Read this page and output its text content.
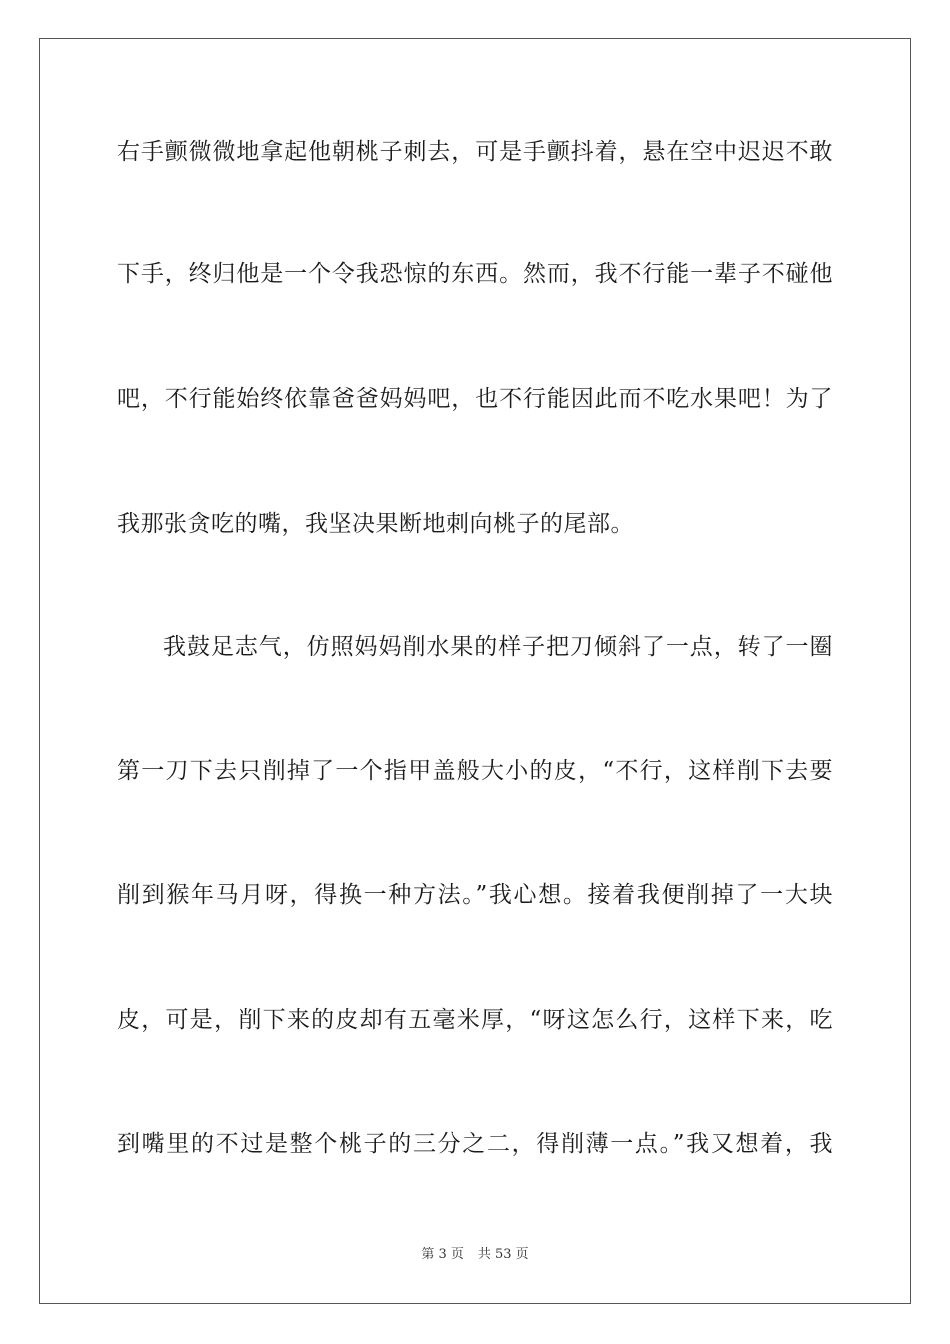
右手颤微微地拿起他朝桃子刺去，可是手颤抖着，悬在空中迟迟不敢
下手，终归他是一个令我恐惊的东西。然而，我不行能一辈子不碰他
吧，不行能始终依靠爸爸妈妈吧，也不行能因此而不吃水果吧！为了
我那张贪吃的嘴，我坚决果断地刺向桃子的尾部。
我鼓足志气，仿照妈妈削水果的样子把刀倾斜了一点，转了一圈
第一刀下去只削掉了一个指甲盖般大小的皮，“不行，这样削下去要
削到猴年马月呀，得换一种方法。”我心想。接着我便削掉了一大块
皮，可是，削下来的皮却有五毫米厚，“呀这怎么行，这样下来，吃
到嘴里的不过是整个桃子的三分之二，得削薄一点。”我又想着，我
第 3 页 共 53 页
